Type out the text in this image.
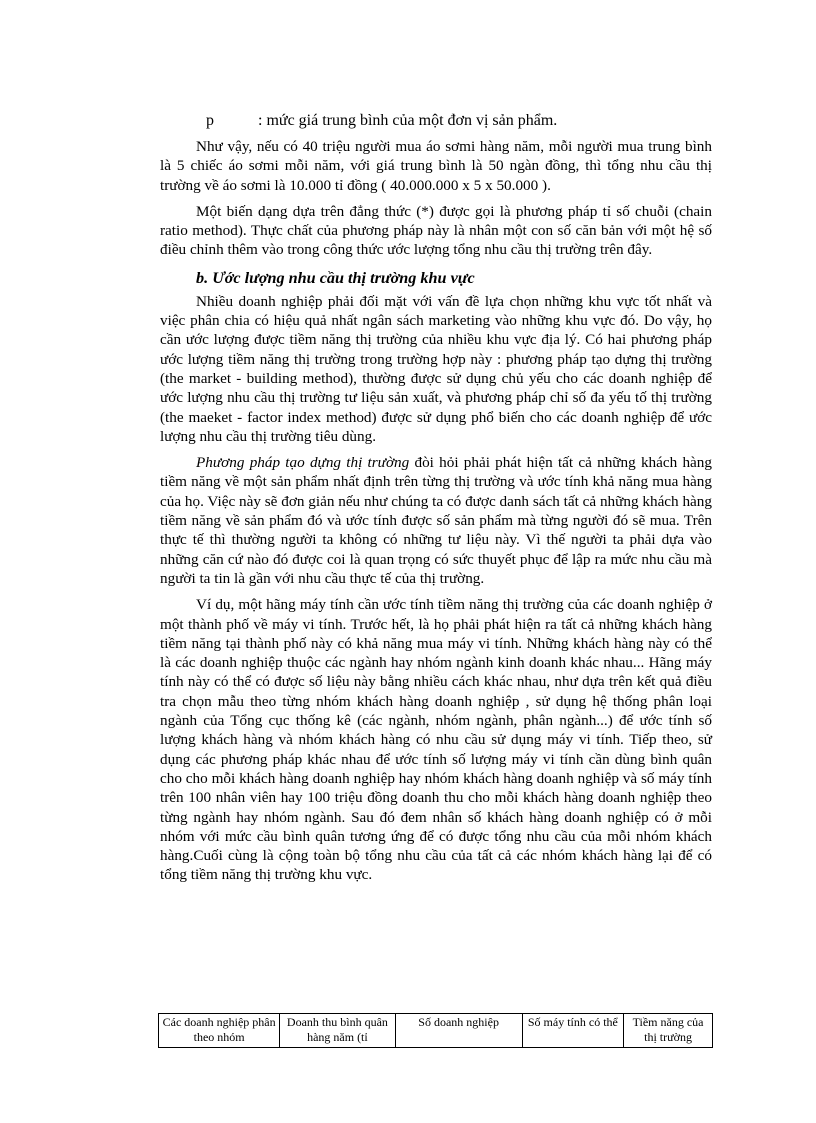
p	: mức giá trung bình của một đơn vị sản phẩm.

Như vậy, nếu có 40 triệu người mua áo sơmi hàng năm, mỗi người mua trung bình là 5 chiếc áo sơmi mỗi năm, với giá trung bình là 50 ngàn đồng, thì tổng nhu cầu thị trường về áo sơmi là 10.000 tỉ đồng ( 40.000.000 x 5 x 50.000 ).

Một biến dạng dựa trên đẳng thức (*) được gọi là phương pháp tỉ số chuỗi (chain ratio method). Thực chất của phương pháp này là nhân một con số căn bản với một hệ số điều chỉnh thêm vào trong công thức ước lượng tổng nhu cầu thị trường trên đây.

b. Ước lượng nhu cầu thị trường khu vực

Nhiều doanh nghiệp phải đối mặt với vấn đề lựa chọn những khu vực tốt nhất và việc phân chia có hiệu quả nhất ngân sách marketing vào những khu vực đó. Do vậy, họ cần ước lượng được tiềm năng thị trường của nhiều khu vực địa lý. Có hai phương pháp ước lượng tiềm năng thị trường trong trường hợp này : phương pháp tạo dựng thị trường (the market - building method), thường được sử dụng chủ yếu cho các doanh nghiệp để ước lượng nhu cầu thị trường tư liệu sản xuất, và phương pháp chỉ số đa yếu tố thị trường (the maeket - factor index method) được sử dụng phổ biến cho các doanh nghiệp để ước lượng nhu cầu thị trường tiêu dùng.

Phương pháp tạo dựng thị trường đòi hỏi phải phát hiện tất cả những khách hàng tiềm năng về một sản phẩm nhất định trên từng thị trường và ước tính khả năng mua hàng của họ. Việc này sẽ đơn giản nếu như chúng ta có được danh sách tất cả những khách hàng tiềm năng về sản phẩm đó và ước tính được số sản phẩm mà từng người đó sẽ mua. Trên thực tế thì thường người ta không có những tư liệu này. Vì thế người ta phải dựa vào những căn cứ nào đó được coi là quan trọng có sức thuyết phục để lập ra mức nhu cầu mà người ta tin là gần với nhu cầu thực tế của thị trường.

Ví dụ, một hãng máy tính cần ước tính tiềm năng thị trường của các doanh nghiệp ở một thành phố về máy vi tính. Trước hết, là họ phải phát hiện ra tất cả những khách hàng tiềm năng tại thành phố này có khả năng mua máy vi tính. Những khách hàng này có thể là các doanh nghiệp thuộc các ngành hay nhóm ngành kinh doanh khác nhau... Hãng máy tính này có thể có được số liệu này bằng nhiều cách khác nhau, như dựa trên kết quả điều tra chọn mẫu theo từng nhóm khách hàng doanh nghiệp , sử dụng hệ thống phân loại ngành của Tổng cục thống kê (các ngành, nhóm ngành, phân ngành...) để ước tính số lượng khách hàng và nhóm khách hàng có nhu cầu sử dụng máy vi tính. Tiếp theo, sử dụng các phương pháp khác nhau để ước tính số lượng máy vi tính cần dùng bình quân cho cho mỗi khách hàng doanh nghiệp hay nhóm khách hàng doanh nghiệp và số máy tính trên 100 nhân viên hay 100 triệu đồng doanh thu cho mỗi khách hàng doanh nghiệp theo từng ngành hay nhóm ngành. Sau đó đem nhân số khách hàng doanh nghiệp có ở mỗi nhóm với mức cầu bình quân tương ứng để có được tổng nhu cầu của mỗi nhóm khách hàng.Cuối cùng là cộng toàn bộ tổng nhu cầu của tất cả các nhóm khách hàng lại để có tổng tiềm năng thị trường khu vực.

Các doanh nghiệp phân theo nhóm	Doanh thu bình quân hàng năm (tỉ	Số doanh nghiệp	Số máy tính có thể	Tiềm năng của thị trường
